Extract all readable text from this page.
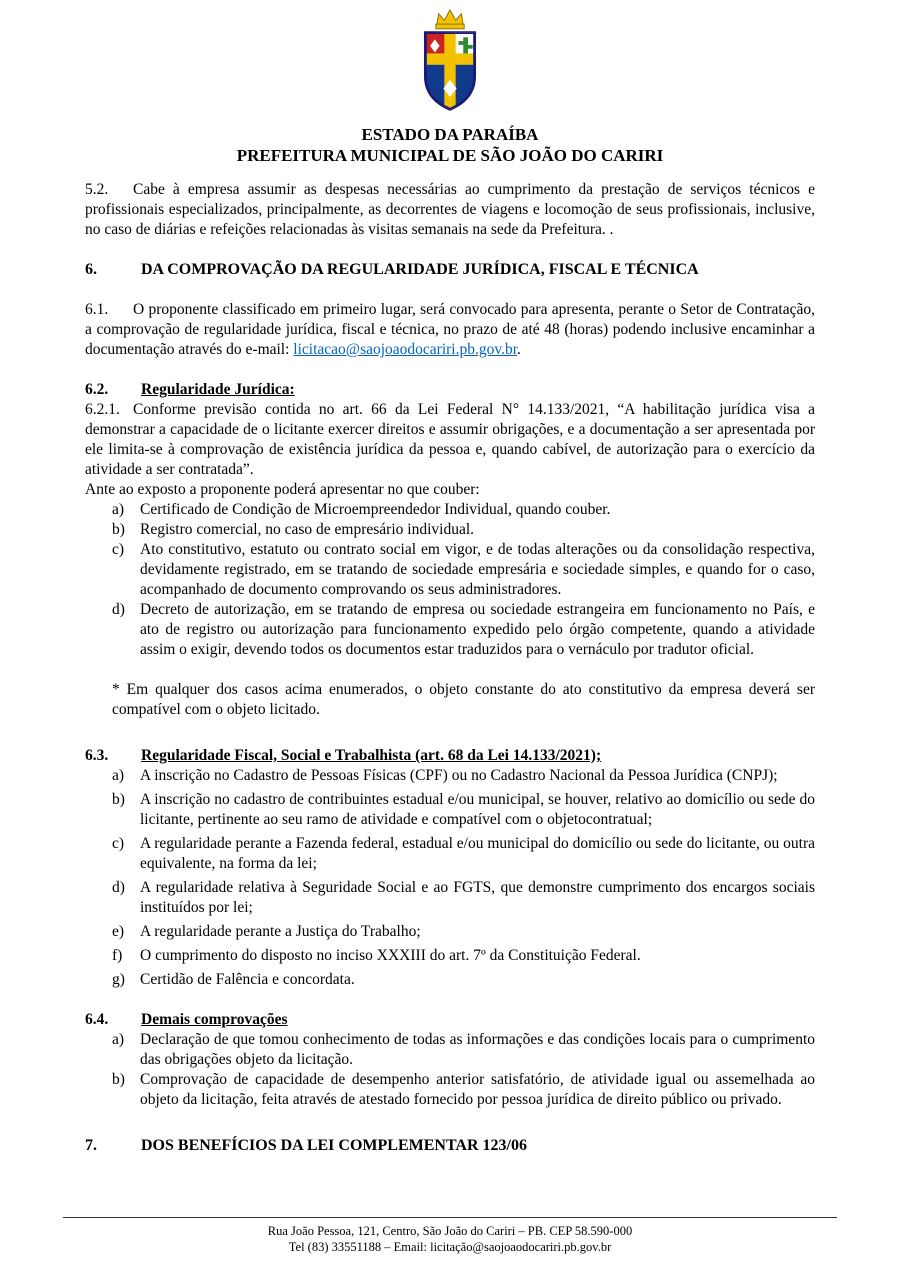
ESTADO DA PARAÍBA
PREFEITURA MUNICIPAL DE SÃO JOÃO DO CARIRI

5.2. Cabe à empresa assumir as despesas necessárias ao cumprimento da prestação de serviços técnicos e profissionais especializados, principalmente, as decorrentes de viagens e locomoção de seus profissionais, inclusive, no caso de diárias e refeições relacionadas às visitas semanais na sede da Prefeitura. .

6.	DA COMPROVAÇÃO DA REGULARIDADE JURÍDICA, FISCAL E TÉCNICA

6.1. O proponente classificado em primeiro lugar, será convocado para apresenta, perante o Setor de Contratação, a comprovação de regularidade jurídica, fiscal e técnica, no prazo de até 48 (horas) podendo inclusive encaminhar a documentação através do e-mail: licitacao@saojoaodocariri.pb.gov.br.

6.2. Regularidade Jurídica:

6.2.1. Conforme previsão contida no art. 66 da Lei Federal N° 14.133/2021, “A habilitação jurídica visa a demonstrar a capacidade de o licitante exercer direitos e assumir obrigações, e a documentação a ser apresentada por ele limita-se à comprovação de existência jurídica da pessoa e, quando cabível, de autorização para o exercício da atividade a ser contratada”.

Ante ao exposto a proponente poderá apresentar no que couber:

a)	Certificado de Condição de Microempreendedor Individual, quando couber.
b) Registro comercial, no caso de empresário individual.
c)	Ato constitutivo, estatuto ou contrato social em vigor, e de todas alterações ou da consolidação respectiva, devidamente registrado, em se tratando de sociedade empresária e sociedade simples, e quando for o caso, acompanhado de documento comprovando os seus administradores.
d) Decreto de autorização, em se tratando de empresa ou sociedade estrangeira em funcionamento no País, e ato de registro ou autorização para funcionamento expedido pelo órgão competente, quando a atividade assim o exigir, devendo todos os documentos estar traduzidos para o vernáculo por tradutor oficial.

* Em qualquer dos casos acima enumerados, o objeto constante do ato constitutivo da empresa deverá ser compatível com o objeto licitado.

6.3. Regularidade Fiscal, Social e Trabalhista (art. 68 da Lei 14.133/2021);
a)	A inscrição no Cadastro de Pessoas Físicas (CPF) ou no Cadastro Nacional da Pessoa Jurídica (CNPJ);
b) A inscrição no cadastro de contribuintes estadual e/ou municipal, se houver, relativo ao domicílio ou sede do licitante, pertinente ao seu ramo de atividade e compatível com o objetocontratual;
c)	A regularidade perante a Fazenda federal, estadual e/ou municipal do domicílio ou sede do licitante, ou outra equivalente, na forma da lei;
d) A regularidade relativa à Seguridade Social e ao FGTS, que demonstre cumprimento dos encargos sociais instituídos por lei;
e)	A regularidade perante a Justiça do Trabalho;
f)	O cumprimento do disposto no inciso XXXIII do art. 7º da Constituição Federal.
g) Certidão de Falência e concordata.
6.4. Demais comprovações
a)	Declaração de que tomou conhecimento de todas as informações e das condições locais para o cumprimento das obrigações objeto da licitação.
b) Comprovação de capacidade de desempenho anterior satisfatório, de atividade igual ou assemelhada ao objeto da licitação, feita através de atestado fornecido por pessoa jurídica de direito público ou privado.
7.	DOS BENEFÍCIOS DA LEI COMPLEMENTAR 123/06
Rua João Pessoa, 121, Centro, São João do Cariri – PB. CEP 58.590-000
Tel (83) 33551188 – Email: licitação@saojoaodocariri.pb.gov.br
